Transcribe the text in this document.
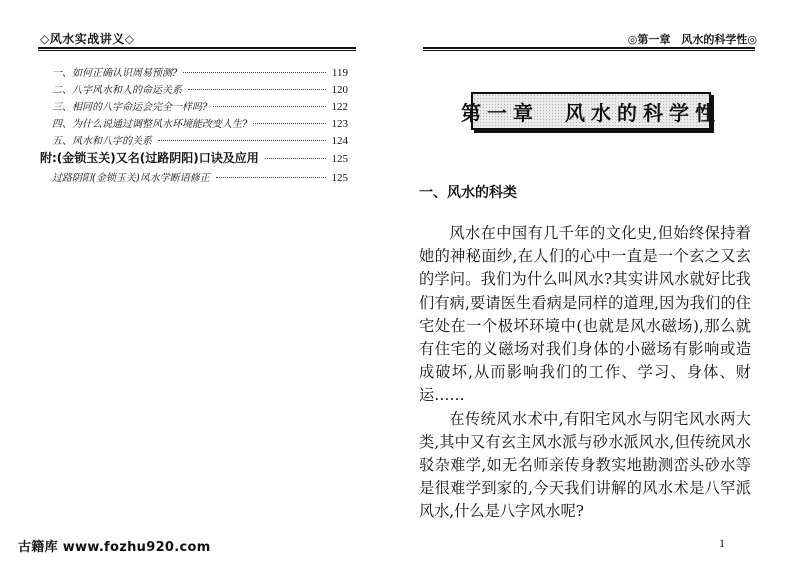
◇风水实战讲义◇
一、如何正确认识周易预测?	119
二、八字风水和人的命运关系	120
三、相同的八字命运会完全一样吗?	122
四、为什么说通过调整风水环境能改变人生?	123
五、风水和八字的关系	124
附:(金锁玉关)又名(过路阴阳)口诀及应用	125
过路阴阳(金锁玉关)风水学断语修正	125
古籍库 www.fozhu920.com
◎第一章　风水的科学性◎
第一章　风水的科学性
一、风水的科类

风水在中国有几千年的文化史,但始终保持着她的神秘面纱,在人们的心中一直是一个玄之又玄的学问。我们为什么叫风水?其实讲风水就好比我们有病,要请医生看病是同样的道理,因为我们的住宅处在一个极坏环境中(也就是风水磁场),那么就有住宅的义磁场对我们身体的小磁场有影响或造成破坏,从而影响我们的工作、学习、身体、财运……

在传统风水术中,有阳宅风水与阴宅风水两大类,其中又有玄主风水派与砂水派风水,但传统风水驳杂难学,如无名师亲传身教实地勘测峦头砂水等是很难学到家的,今天我们讲解的风水术是八罕派风水,什么是八字风水呢?

1
